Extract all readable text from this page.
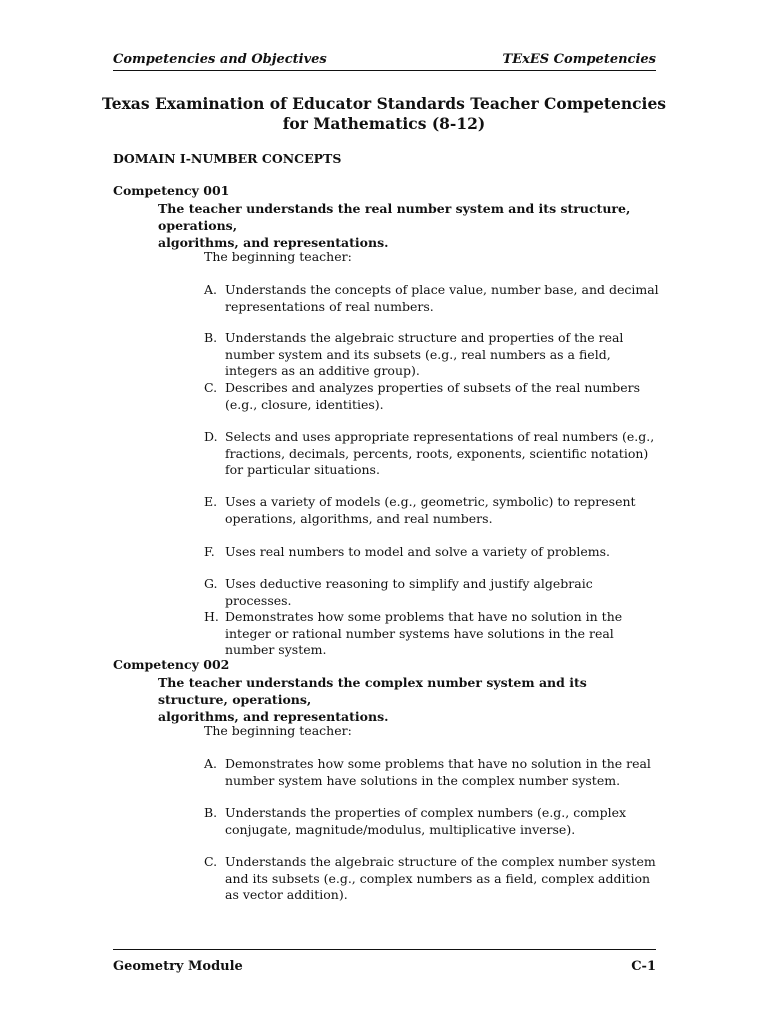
Competencies and Objectives	TExES Competencies
Texas Examination of Educator Standards Teacher Competencies
for Mathematics (8-12)
DOMAIN I-NUMBER CONCEPTS
Competency 001
The teacher understands the real number system and its structure, operations,
algorithms, and representations.
The beginning teacher:
A. Understands the concepts of place value, number base, and decimal representations of real numbers.
B. Understands the algebraic structure and properties of the real number system and its subsets (e.g., real numbers as a field, integers as an additive group).
C. Describes and analyzes properties of subsets of the real numbers (e.g., closure, identities).
D. Selects and uses appropriate representations of real numbers (e.g., fractions, decimals, percents, roots, exponents, scientific notation) for particular situations.
E. Uses a variety of models (e.g., geometric, symbolic) to represent operations, algorithms, and real numbers.
F. Uses real numbers to model and solve a variety of problems.
G. Uses deductive reasoning to simplify and justify algebraic processes.
H. Demonstrates how some problems that have no solution in the integer or rational number systems have solutions in the real number system.
Competency 002
The teacher understands the complex number system and its structure, operations,
algorithms, and representations.
The beginning teacher:
A. Demonstrates how some problems that have no solution in the real number system have solutions in the complex number system.
B. Understands the properties of complex numbers (e.g., complex conjugate, magnitude/modulus, multiplicative inverse).
C. Understands the algebraic structure of the complex number system and its subsets (e.g., complex numbers as a field, complex addition as vector addition).
Geometry Module	C-1
